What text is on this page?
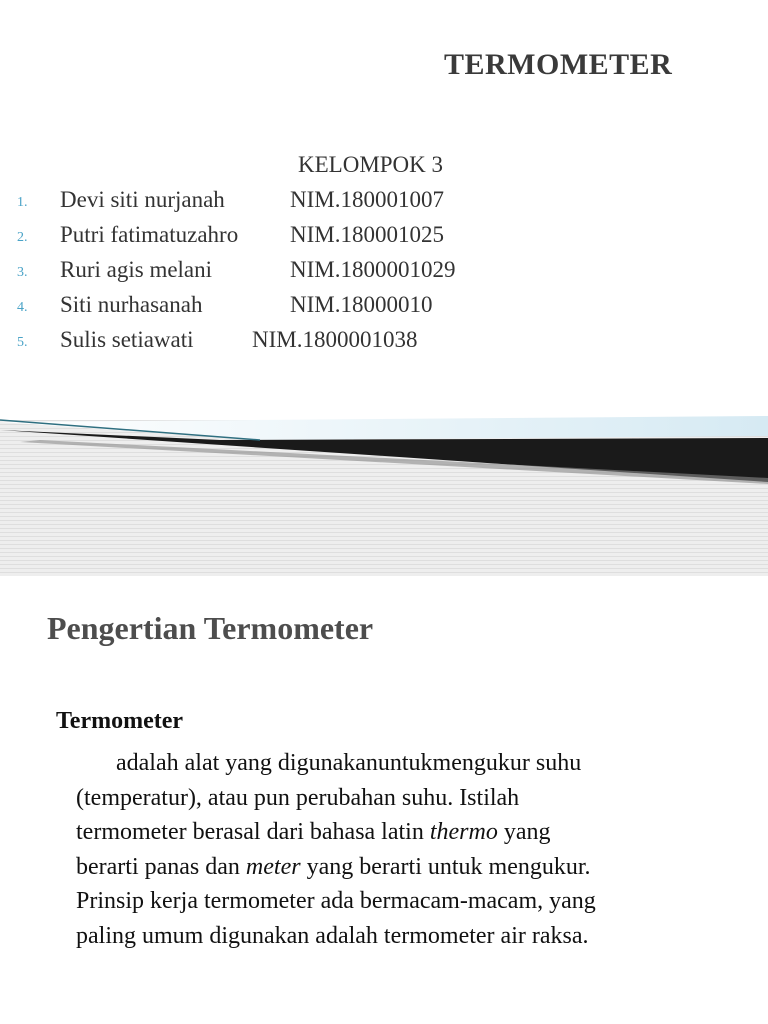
TERMOMETER
KELOMPOK 3
1. Devi siti nurjanah	NIM.180001007
2. Putri fatimatuzahro NIM.180001025
3. Ruri agis melani	NIM.1800001029
4. Siti nurhasanah	NIM.18000010
5. Sulis setiawati	NIM.1800001038
Pengertian Termometer
Termometer
adalah alat yang digunakanuntukmengukur suhu
(temperatur), atau pun perubahan suhu. Istilah
termometer berasal dari bahasa latin thermo yang
berarti panas dan meter yang berarti untuk mengukur.
Prinsip kerja termometer ada bermacam-macam, yang
paling umum digunakan adalah termometer air raksa.
